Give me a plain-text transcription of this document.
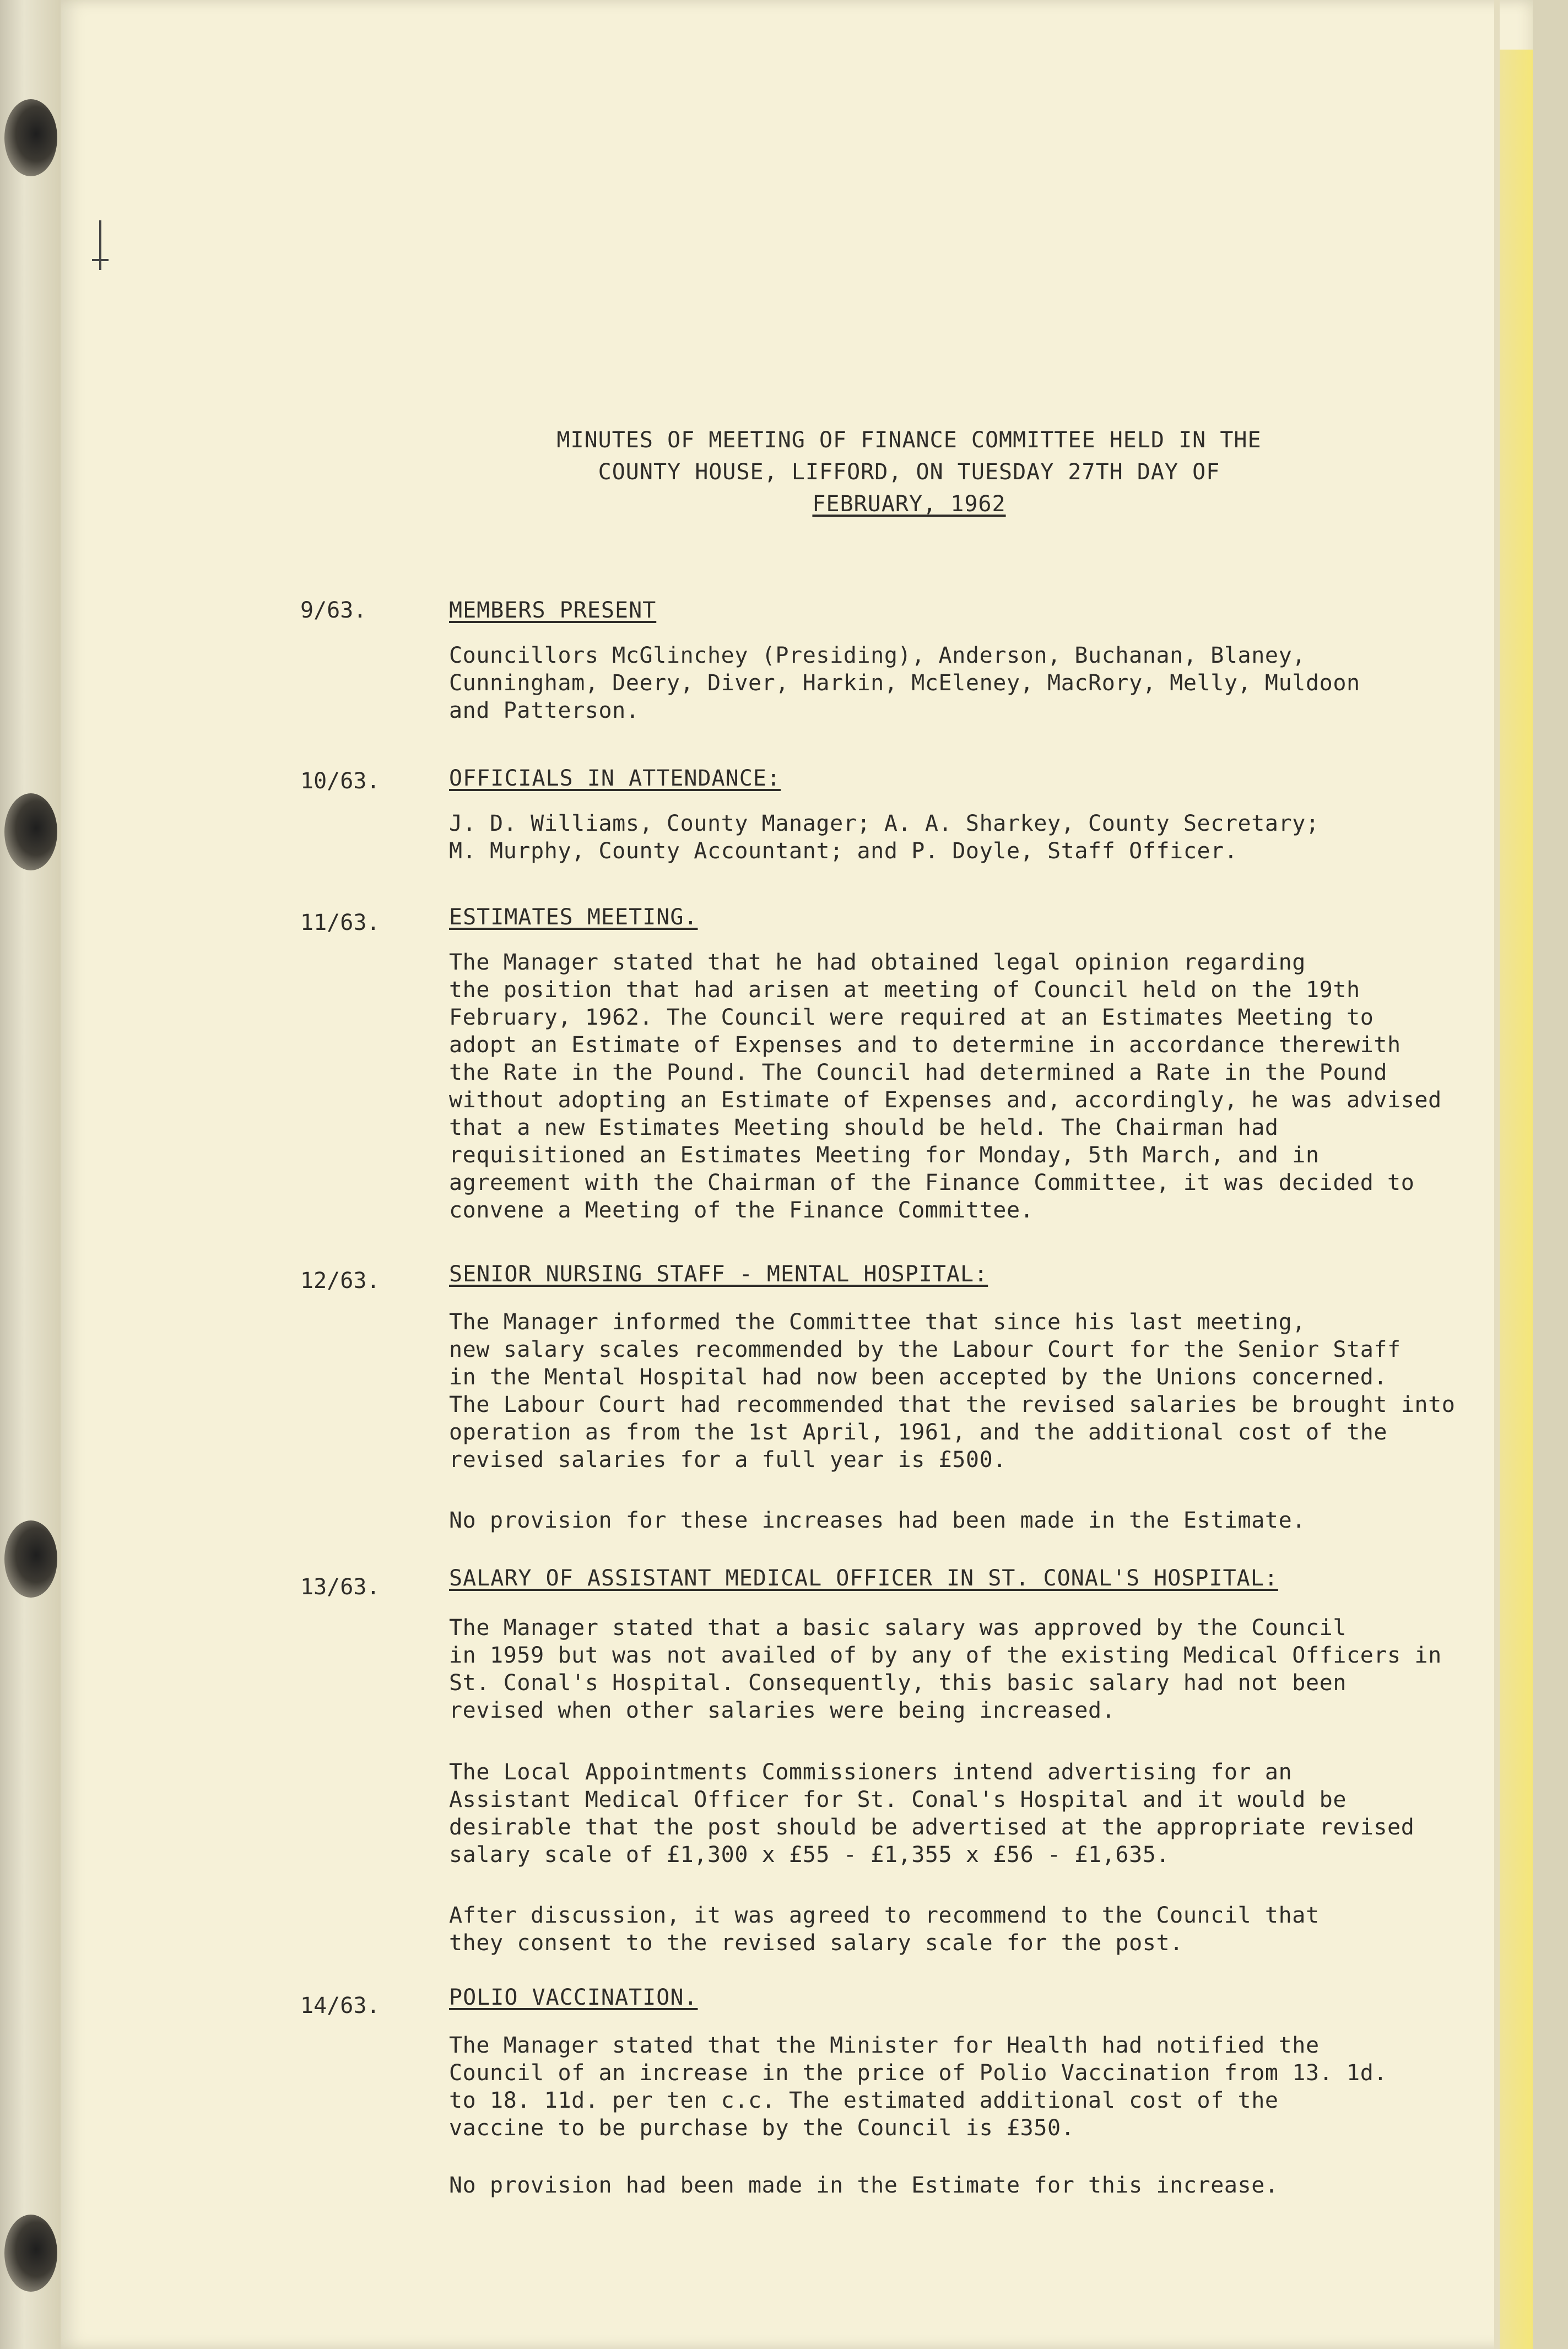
MINUTES OF MEETING OF FINANCE COMMITTEE HELD IN THE
COUNTY HOUSE, LIFFORD, ON TUESDAY 27TH DAY OF
FEBRUARY, 1962
9/63.	MEMBERS PRESENT
Councillors McGlinchey (Presiding), Anderson, Buchanan, Blaney,
Cunningham, Deery, Diver, Harkin, McEleney, MacRory, Melly, Muldoon
and Patterson.
10/63.	OFFICIALS IN ATTENDANCE:
J. D. Williams, County Manager; A. A. Sharkey, County Secretary;
M. Murphy, County Accountant; and P. Doyle, Staff Officer.
11/63.	ESTIMATES MEETING.
The Manager stated that he had obtained legal opinion regarding
the position that had arisen at meeting of Council held on the 19th
February, 1962. The Council were required at an Estimates Meeting to
adopt an Estimate of Expenses and to determine in accordance therewith
the Rate in the Pound. The Council had determined a Rate in the Pound
without adopting an Estimate of Expenses and, accordingly, he was advised
that a new Estimates Meeting should be held. The Chairman had
requisitioned an Estimates Meeting for Monday, 5th March, and in
agreement with the Chairman of the Finance Committee, it was decided to
convene a Meeting of the Finance Committee.
12/63.	SENIOR NURSING STAFF - MENTAL HOSPITAL:
The Manager informed the Committee that since his last meeting,
new salary scales recommended by the Labour Court for the Senior Staff
in the Mental Hospital had now been accepted by the Unions concerned.
The Labour Court had recommended that the revised salaries be brought into
operation as from the 1st April, 1961, and the additional cost of the
revised salaries for a full year is £500.
No provision for these increases had been made in the Estimate.
13/63.	SALARY OF ASSISTANT MEDICAL OFFICER IN ST. CONAL'S HOSPITAL:
The Manager stated that a basic salary was approved by the Council
in 1959 but was not availed of by any of the existing Medical Officers in
St. Conal's Hospital. Consequently, this basic salary had not been
revised when other salaries were being increased.
The Local Appointments Commissioners intend advertising for an
Assistant Medical Officer for St. Conal's Hospital and it would be
desirable that the post should be advertised at the appropriate revised
salary scale of £1,300 x £55 - £1,355 x £56 - £1,635.
After discussion, it was agreed to recommend to the Council that
they consent to the revised salary scale for the post.
14/63.	POLIO VACCINATION.
The Manager stated that the Minister for Health had notified the
Council of an increase in the price of Polio Vaccination from 13. 1d.
to 18. 11d. per ten c.c. The estimated additional cost of the
vaccine to be purchase by the Council is £350.
No provision had been made in the Estimate for this increase.
